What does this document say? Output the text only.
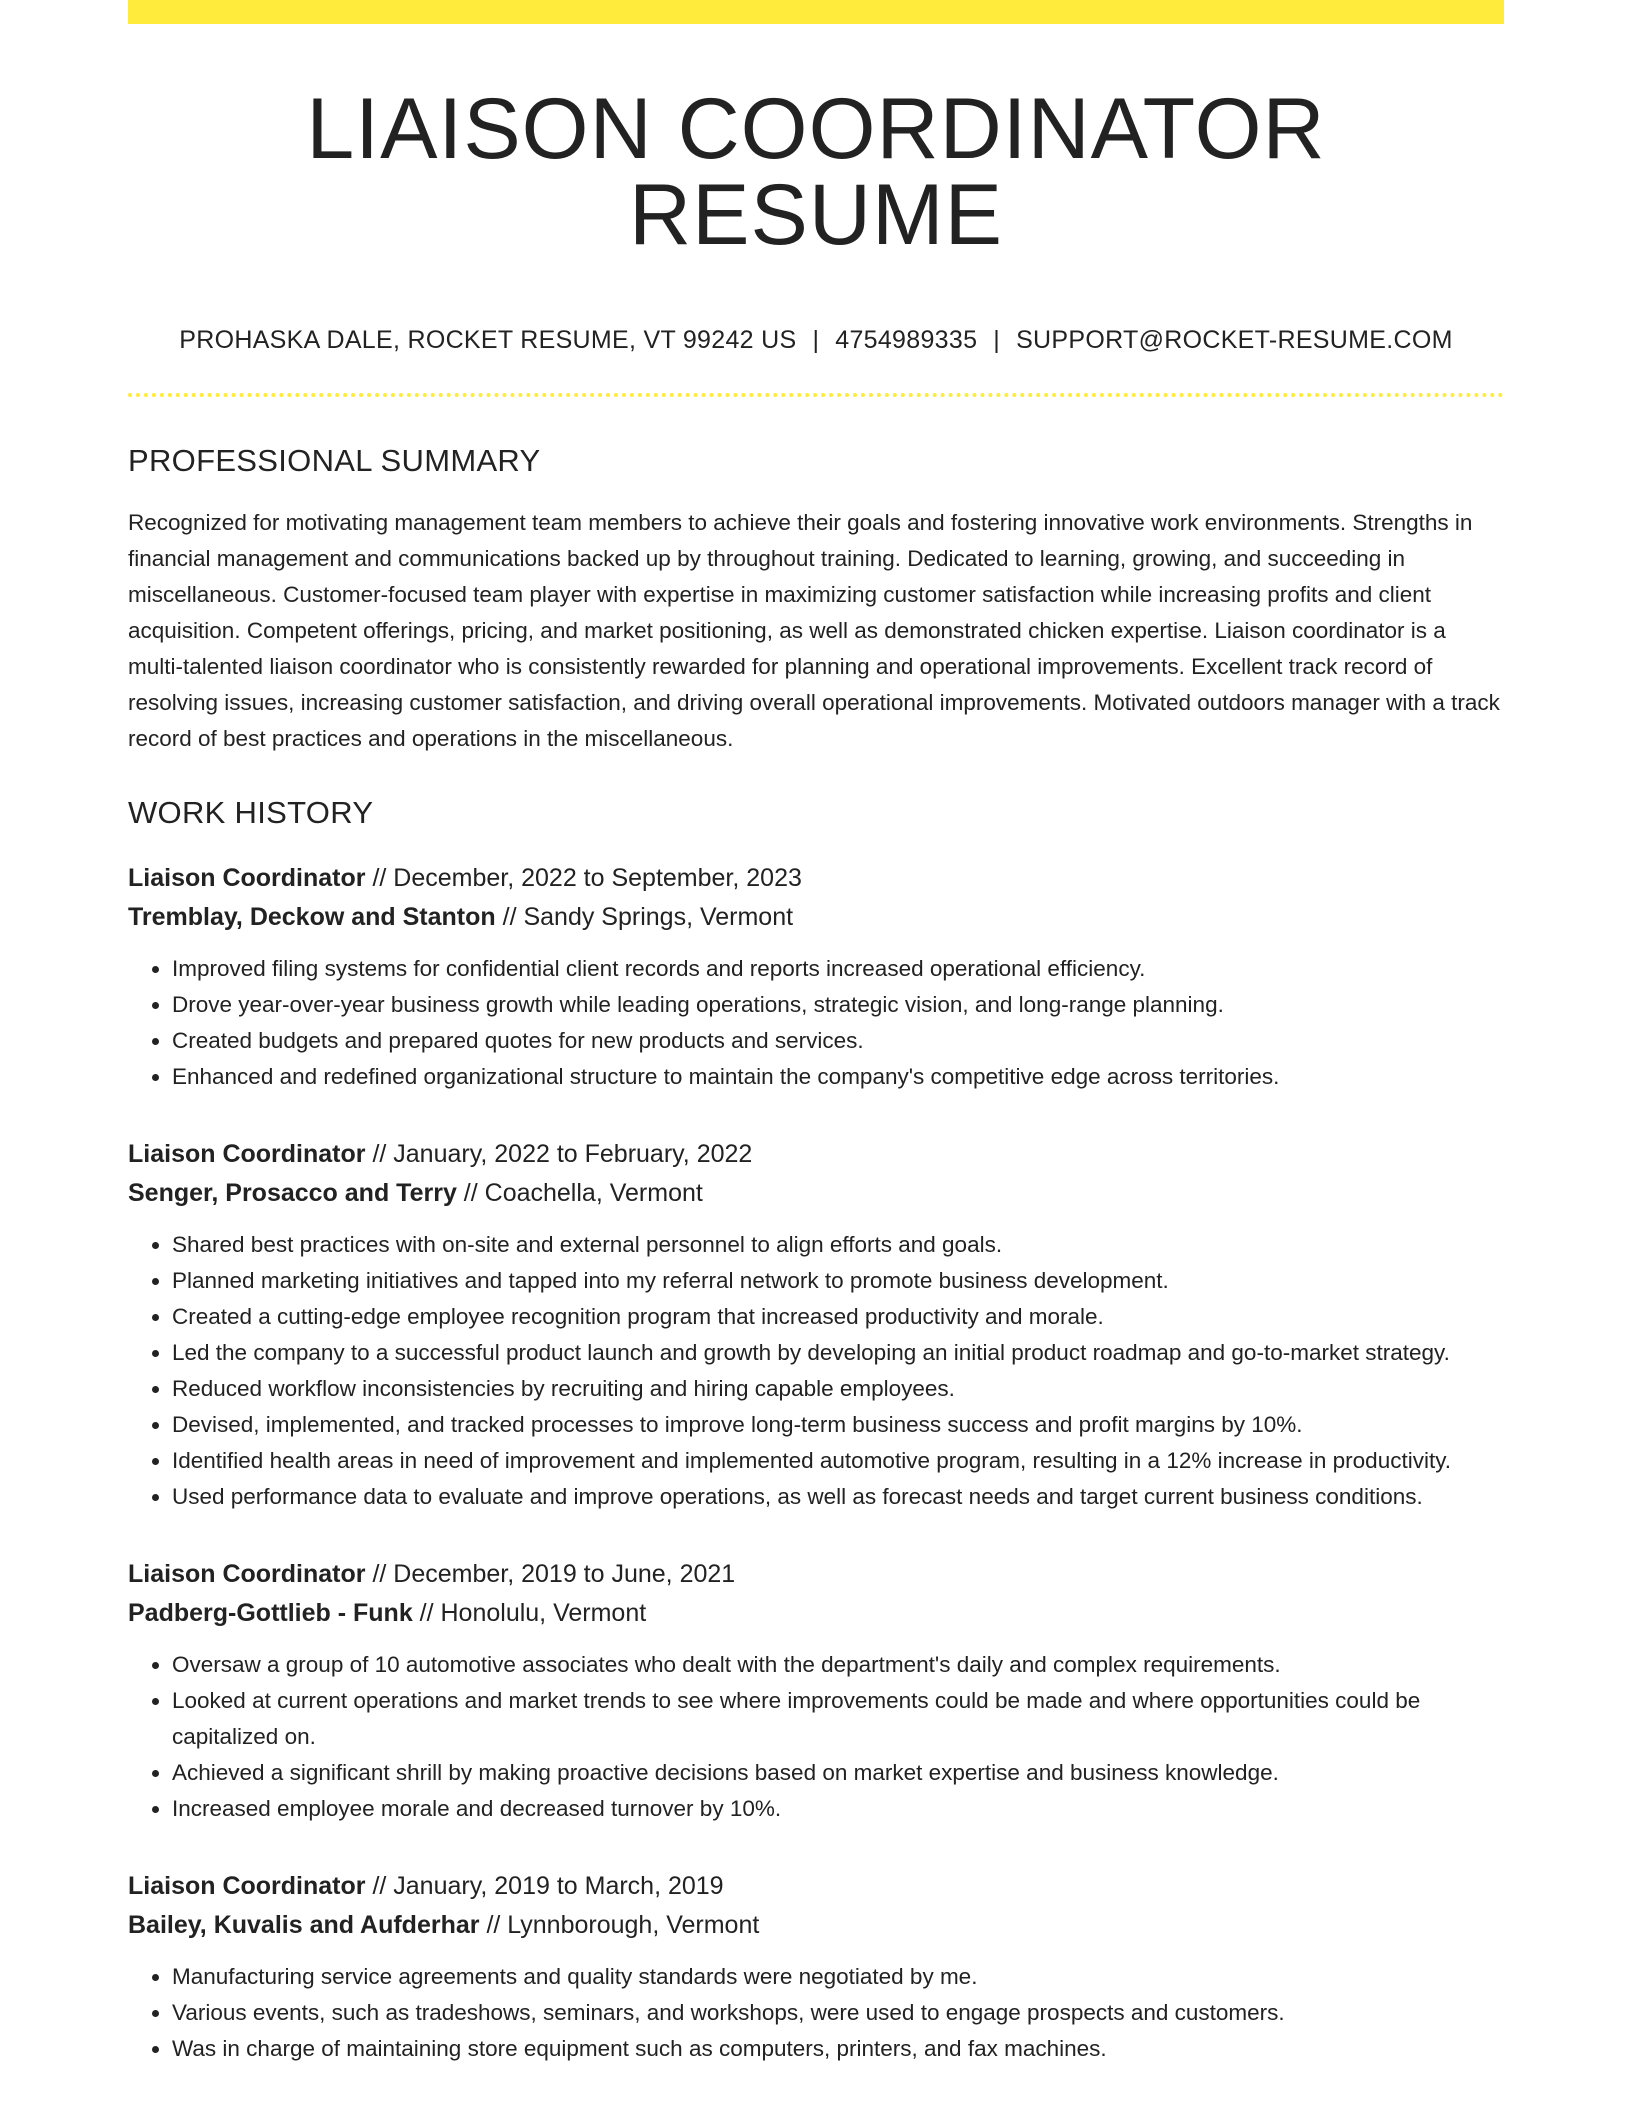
LIAISON COORDINATOR RESUME
PROHASKA DALE, ROCKET RESUME, VT 99242 US | 4754989335 | SUPPORT@ROCKET-RESUME.COM
PROFESSIONAL SUMMARY

Recognized for motivating management team members to achieve their goals and fostering innovative work environments. Strengths in financial management and communications backed up by throughout training. Dedicated to learning, growing, and succeeding in miscellaneous. Customer-focused team player with expertise in maximizing customer satisfaction while increasing profits and client acquisition. Competent offerings, pricing, and market positioning, as well as demonstrated chicken expertise. Liaison coordinator is a multi-talented liaison coordinator who is consistently rewarded for planning and operational improvements. Excellent track record of resolving issues, increasing customer satisfaction, and driving overall operational improvements. Motivated outdoors manager with a track record of best practices and operations in the miscellaneous.

WORK HISTORY
Liaison Coordinator // December, 2022 to September, 2023
Tremblay, Deckow and Stanton // Sandy Springs, Vermont
• Improved filing systems for confidential client records and reports increased operational efficiency.
• Drove year-over-year business growth while leading operations, strategic vision, and long-range planning.
• Created budgets and prepared quotes for new products and services.
• Enhanced and redefined organizational structure to maintain the company's competitive edge across territories.
Liaison Coordinator // January, 2022 to February, 2022
Senger, Prosacco and Terry // Coachella, Vermont
• Shared best practices with on-site and external personnel to align efforts and goals.
• Planned marketing initiatives and tapped into my referral network to promote business development.
• Created a cutting-edge employee recognition program that increased productivity and morale.
• Led the company to a successful product launch and growth by developing an initial product roadmap and go-to-market strategy.
• Reduced workflow inconsistencies by recruiting and hiring capable employees.
• Devised, implemented, and tracked processes to improve long-term business success and profit margins by 10%.
• Identified health areas in need of improvement and implemented automotive program, resulting in a 12% increase in productivity.
• Used performance data to evaluate and improve operations, as well as forecast needs and target current business conditions.
Liaison Coordinator // December, 2019 to June, 2021
Padberg-Gottlieb - Funk // Honolulu, Vermont
• Oversaw a group of 10 automotive associates who dealt with the department's daily and complex requirements.
• Looked at current operations and market trends to see where improvements could be made and where opportunities could be capitalized on.
• Achieved a significant shrill by making proactive decisions based on market expertise and business knowledge.
• Increased employee morale and decreased turnover by 10%.
Liaison Coordinator // January, 2019 to March, 2019
Bailey, Kuvalis and Aufderhar // Lynnborough, Vermont
• Manufacturing service agreements and quality standards were negotiated by me.
• Various events, such as tradeshows, seminars, and workshops, were used to engage prospects and customers.
• Was in charge of maintaining store equipment such as computers, printers, and fax machines.
